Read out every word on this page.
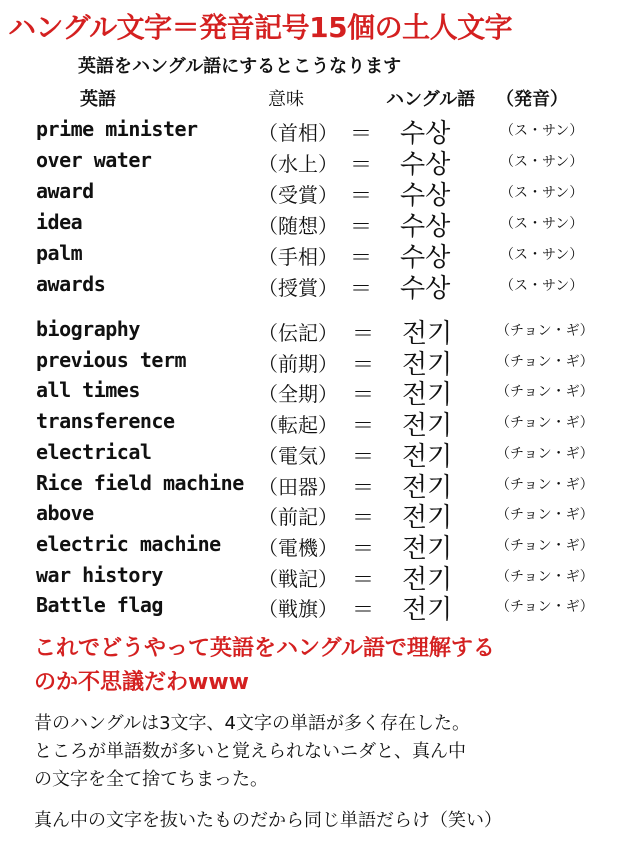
ハングル文字＝発音記号15個の土人文字
英語をハングル語にするとこうなります
英語	意味	ハングル語 （発音）
prime minister	（首相） ＝ 수상	（ス・サン）
over water	（水上） ＝ 수상	（ス・サン）
award	（受賞） ＝ 수상	（ス・サン）
idea	（随想） ＝ 수상	（ス・サン）
palm	（手相） ＝ 수상	（ス・サン）
awards	（授賞） ＝ 수상	（ス・サン）
biography	（伝記） ＝ 전기	（チョン・ギ）
previous term	（前期） ＝ 전기	（チョン・ギ）
all times	（全期） ＝ 전기	（チョン・ギ）
transference	（転起） ＝ 전기	（チョン・ギ）
electrical	（電気） ＝ 전기	（チョン・ギ）
Rice field machine （田器） ＝ 전기	（チョン・ギ）
above	（前記） ＝ 전기	（チョン・ギ）
electric machine （電機） ＝ 전기	（チョン・ギ）
war history	（戦記） ＝ 전기	（チョン・ギ）
Battle flag	（戦旗） ＝ 전기	（チョン・ギ）
これでどうやって英語をハングル語で理解する
のか不思議だわwww
昔のハングルは3文字、4文字の単語が多く存在した。
ところが単語数が多いと覚えられないニダと、真ん中
の文字を全て捨てちまった。
真ん中の文字を抜いたものだから同じ単語だらけ（笑い）
